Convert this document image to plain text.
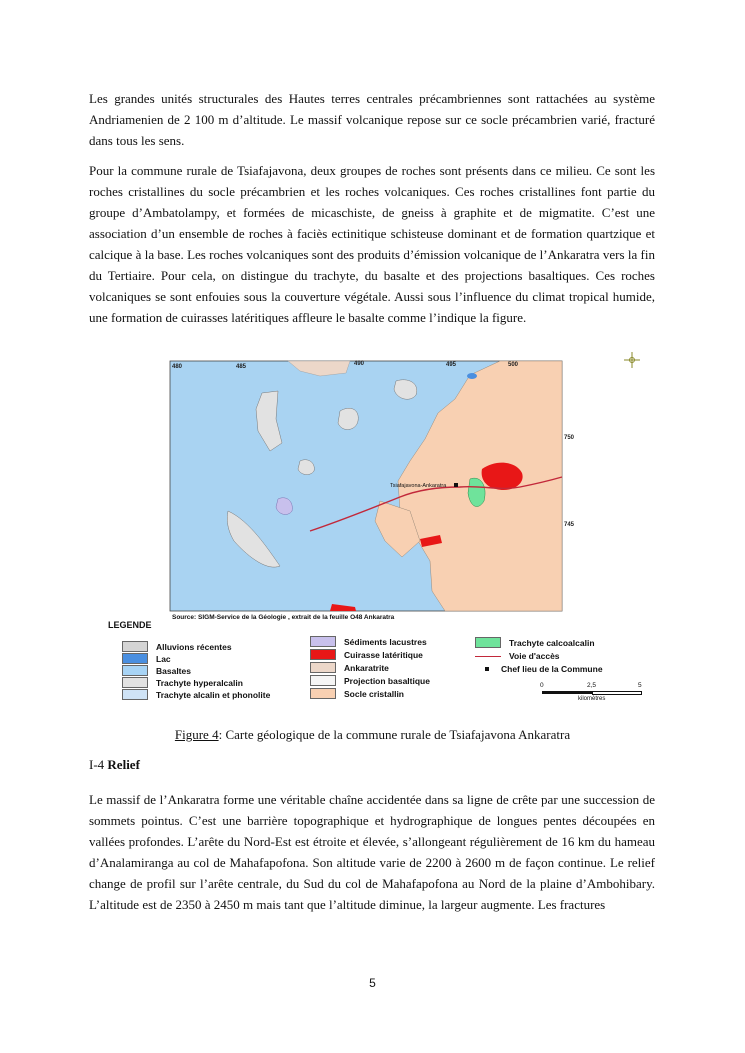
Les grandes unités structurales des Hautes terres centrales précambriennes sont rattachées au système Andriamenien de 2 100 m d’altitude. Le massif volcanique repose sur ce socle précambrien varié, fracturé dans tous les sens.

Pour la commune rurale de Tsiafajavona, deux groupes de roches sont présents dans ce milieu. Ce sont les roches cristallines du socle précambrien et les roches volcaniques. Ces roches cristallines font partie du groupe d’Ambatolampy, et formées de micaschiste, de gneiss à graphite et de migmatite. C’est une association d’un ensemble de roches à faciès ectinitique schisteuse dominant et de formation quartzique et calcique à la base. Les roches volcaniques sont des produits d’émission volcanique de l’Ankaratra vers la fin du Tertiaire. Pour cela, on distingue du trachyte, du basalte et des projections basaltiques. Ces roches volcaniques se sont enfouies sous la couverture végétale. Aussi sous l’influence du climat tropical humide, une formation de cuirasses latéritiques affleure le basalte comme l’indique la figure.

Tsiafajavona-Ankaratra
480	485	490	495	500
750
745
Source: SIGM-Service de la Géologie , extrait de la feuille O48 Ankaratra
LEGENDE
Alluvions récentes
Lac
Basaltes
Trachyte hyperalcalin
Trachyte alcalin et phonolite
Sédiments lacustres
Cuirasse latéritique
Ankaratrite
Projection basaltique
Socle cristallin
Trachyte calcoalcalin
Voie d'accès
Chef lieu de la Commune
0	2,5	5
kilomètres
Figure 4: Carte géologique de la commune rurale de Tsiafajavona Ankaratra
I-4 Relief

Le massif de l’Ankaratra forme une véritable chaîne accidentée dans sa ligne de crête par une succession de sommets pointus. C’est une barrière topographique et hydrographique de longues pentes découpées en vallées profondes. L’arête du Nord-Est est étroite et élevée, s’allongeant régulièrement de 16 km du hameau d’Analamiranga au col de Mahafapofona. Son altitude varie de 2200 à 2600 m de façon continue. Le relief change de profil sur l’arête centrale, du Sud du col de Mahafapofona au Nord de la plaine d’Ambohibary. L’altitude est de 2350 à 2450 m mais tant que l’altitude diminue, la largeur augmente. Les fractures

5
